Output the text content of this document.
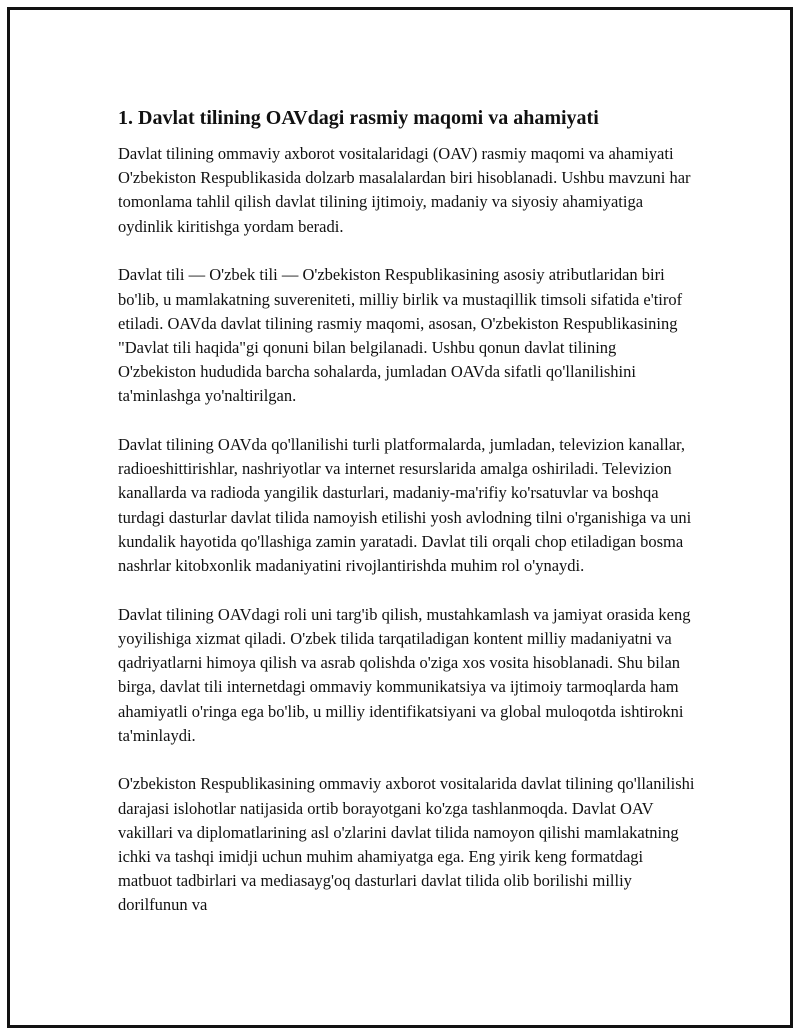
1. Davlat tilining OAVdagi rasmiy maqomi va ahamiyati

Davlat tilining ommaviy axborot vositalaridagi (OAV) rasmiy maqomi va ahamiyati O'zbekiston Respublikasida dolzarb masalalardan biri hisoblanadi. Ushbu mavzuni har tomonlama tahlil qilish davlat tilining ijtimoiy, madaniy va siyosiy ahamiyatiga oydinlik kiritishga yordam beradi.

Davlat tili — O'zbek tili — O'zbekiston Respublikasining asosiy atributlaridan biri bo'lib, u mamlakatning suvereniteti, milliy birlik va mustaqillik timsoli sifatida e'tirof etiladi. OAVda davlat tilining rasmiy maqomi, asosan, O'zbekiston Respublikasining "Davlat tili haqida"gi qonuni bilan belgilanadi. Ushbu qonun davlat tilining O'zbekiston hududida barcha sohalarda, jumladan OAVda sifatli qo'llanilishini ta'minlashga yo'naltirilgan.

Davlat tilining OAVda qo'llanilishi turli platformalarda, jumladan, televizion kanallar, radioeshittirishlar, nashriyotlar va internet resurslarida amalga oshiriladi. Televizion kanallarda va radioda yangilik dasturlari, madaniy-ma'rifiy ko'rsatuvlar va boshqa turdagi dasturlar davlat tilida namoyish etilishi yosh avlodning tilni o'rganishiga va uni kundalik hayotida qo'llashiga zamin yaratadi. Davlat tili orqali chop etiladigan bosma nashrlar kitobxonlik madaniyatini rivojlantirishda muhim rol o'ynaydi.

Davlat tilining OAVdagi roli uni targ'ib qilish, mustahkamlash va jamiyat orasida keng yoyilishiga xizmat qiladi. O'zbek tilida tarqatiladigan kontent milliy madaniyatni va qadriyatlarni himoya qilish va asrab qolishda o'ziga xos vosita hisoblanadi. Shu bilan birga, davlat tili internetdagi ommaviy kommunikatsiya va ijtimoiy tarmoqlarda ham ahamiyatli o'ringa ega bo'lib, u milliy identifikatsiyani va global muloqotda ishtirokni ta'minlaydi.

O'zbekiston Respublikasining ommaviy axborot vositalarida davlat tilining qo'llanilishi darajasi islohotlar natijasida ortib borayotgani ko'zga tashlanmoqda. Davlat OAV vakillari va diplomatlarining asl o'zlarini davlat tilida namoyon qilishi mamlakatning ichki va tashqi imidji uchun muhim ahamiyatga ega. Eng yirik keng formatdagi matbuot tadbirlari va mediasayg'oq dasturlari davlat tilida olib borilishi milliy dorilfunun va
